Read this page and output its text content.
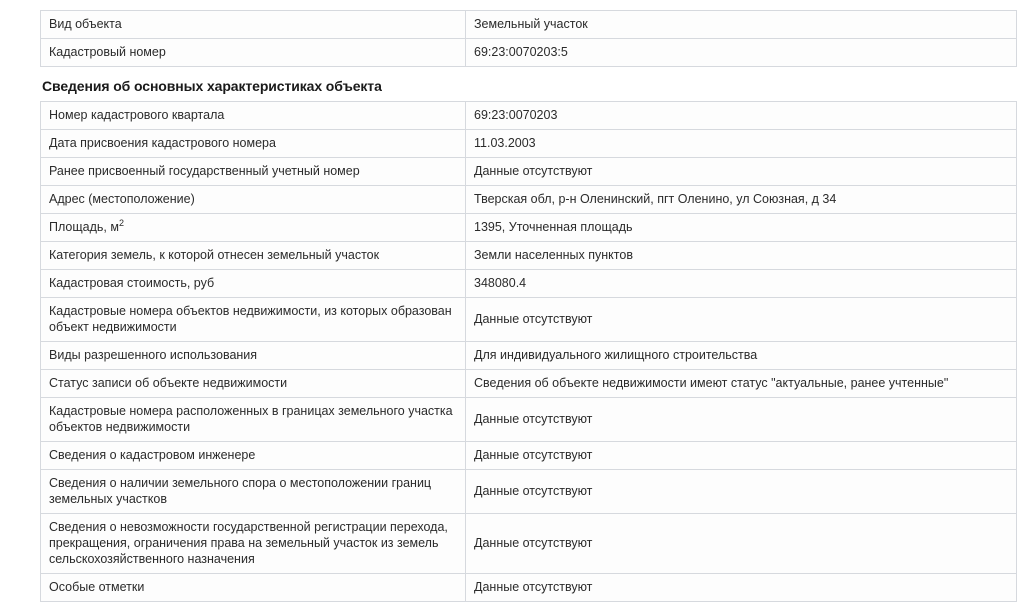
Вид объекта	Земельный участок
Кадастровый номер	69:23:0070203:5
Сведения об основных характеристиках объекта
Номер кадастрового квартала	69:23:0070203
Дата присвоения кадастрового номера	11.03.2003
Ранее присвоенный государственный учетный номер	Данные отсутствуют
Адрес (местоположение)	Тверская обл, р-н Оленинский, пгт Оленино, ул Союзная, д 34
Площадь, $м^2$	1395, Уточненная площадь
Категория земель, к которой отнесен земельный участок	Земли населенных пунктов
Кадастровая стоимость, руб	348080.4
Кадастровые номера объектов недвижимости, из которых образован объект недвижимости	Данные отсутствуют
Виды разрешенного использования	Для индивидуального жилищного строительства
Статус записи об объекте недвижимости	Сведения об объекте недвижимости имеют статус "актуальные, ранее учтенные"
Кадастровые номера расположенных в границах земельного участка объектов недвижимости	Данные отсутствуют
Сведения о кадастровом инженере	Данные отсутствуют
Сведения о наличии земельного спора о местоположении границ земельных участков	Данные отсутствуют
Сведения о невозможности государственной регистрации перехода, прекращения, ограничения права на земельный участок из земель сельскохозяйственного назначения	Данные отсутствуют
Особые отметки	Данные отсутствуют
